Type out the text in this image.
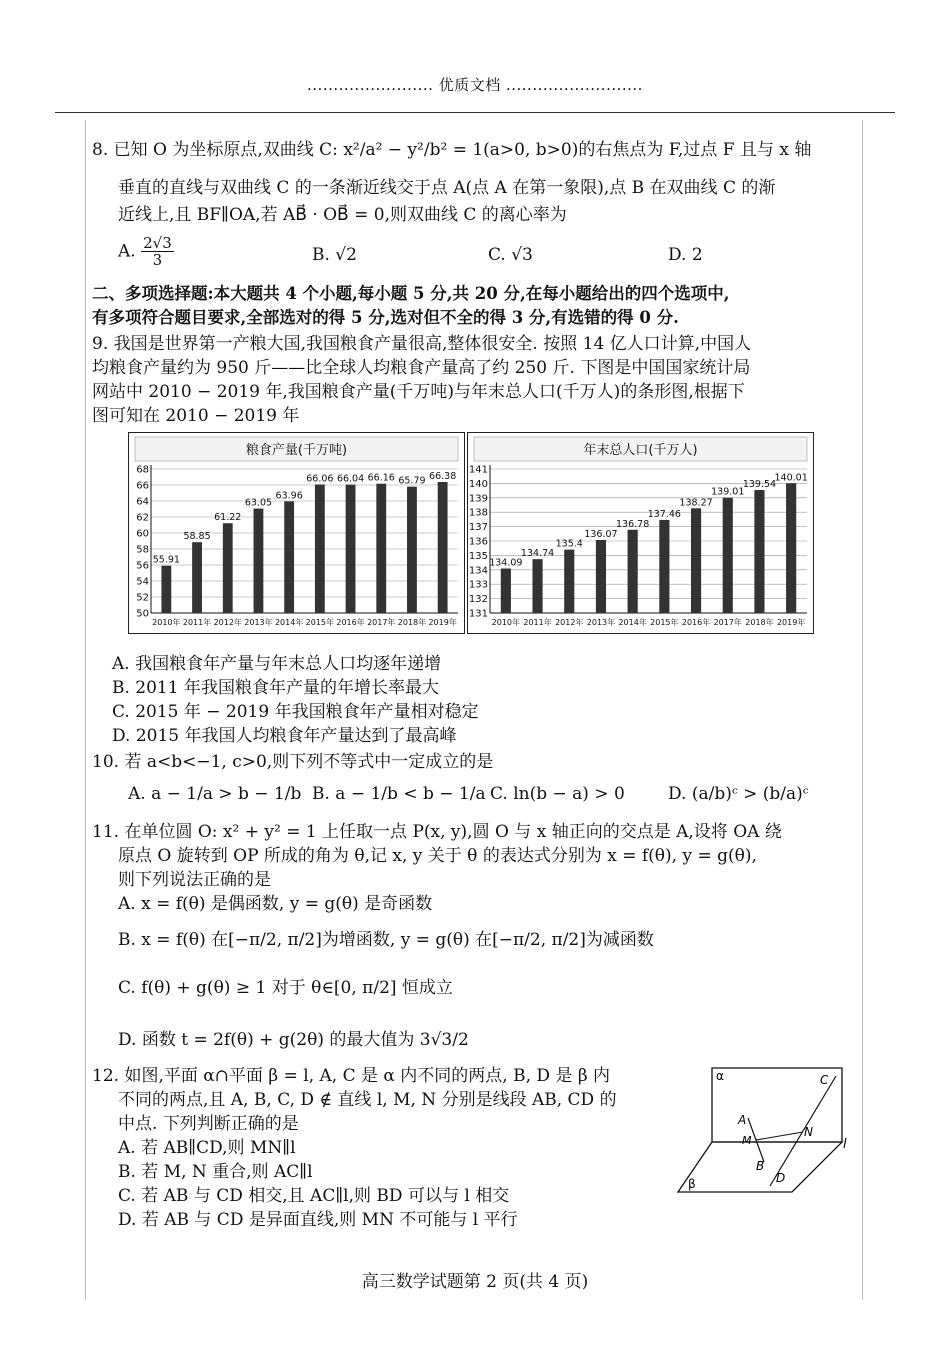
........................ 优质文档 ..........................
8. 已知 O 为坐标原点,双曲线 C: x²/a² − y²/b² = 1(a>0, b>0)的右焦点为 F,过点 F 且与 x 轴
垂直的直线与双曲线 C 的一条渐近线交于点 A(点 A 在第一象限),点 B 在双曲线 C 的渐
近线上,且 BF∥OA,若 AB⃗ · OB⃗ = 0,则双曲线 C 的离心率为
A. $\frac{2√3}{3}$	B. √2	C. √3	D. 2
二、多项选择题:本大题共 4 个小题,每小题 5 分,共 20 分,在每小题给出的四个选项中,
有多项符合题目要求,全部选对的得 5 分,选对但不全的得 3 分,有选错的得 0 分.
9. 我国是世界第一产粮大国,我国粮食产量很高,整体很安全. 按照 14 亿人口计算,中国人
均粮食产量约为 950 斤——比全球人均粮食产量高了约 250 斤. 下图是中国国家统计局
网站中 2010 − 2019 年,我国粮食产量(千万吨)与年末总人口(千万人)的条形图,根据下
图可知在 2010 − 2019 年
粮食产量(千万吨)
50
52
54
56
58
60
62
64
66
68
55.91
2010年
58.85
2011年
61.22
2012年
63.05
2013年
63.96
2014年
66.06
2015年
66.04
2016年
66.16
2017年
65.79
2018年
66.38
2019年
年末总人口(千万人)
131
132
133
134
135
136
137
138
139
140
141
134.09
2010年
134.74
2011年
135.4
2012年
136.07
2013年
136.78
2014年
137.46
2015年
138.27
2016年
139.01
2017年
139.54
2018年
140.01
2019年
A. 我国粮食年产量与年末总人口均逐年递增
B. 2011 年我国粮食年产量的年增长率最大
C. 2015 年 − 2019 年我国粮食年产量相对稳定
D. 2015 年我国人均粮食年产量达到了最高峰
10. 若 a<b<−1, c>0,则下列不等式中一定成立的是
A. a − 1/a > b − 1/b B. a − 1/b < b − 1/a C. ln(b − a) > 0	D. (a/b)ᶜ > (b/a)ᶜ
11. 在单位圆 O: x² + y² = 1 上任取一点 P(x, y),圆 O 与 x 轴正向的交点是 A,设将 OA 绕
原点 O 旋转到 OP 所成的角为 θ,记 x, y 关于 θ 的表达式分别为 x = f(θ), y = g(θ),
则下列说法正确的是
A. x = f(θ) 是偶函数, y = g(θ) 是奇函数
B. x = f(θ) 在[−π/2, π/2]为增函数, y = g(θ) 在[−π/2, π/2]为减函数
C. f(θ) + g(θ) ≥ 1 对于 θ∈[0, π/2] 恒成立
D. 函数 t = 2f(θ) + g(2θ) 的最大值为 3√3/2
12. 如图,平面 α∩平面 β = l, A, C 是 α 内不同的两点, B, D 是 β 内
不同的两点,且 A, B, C, D ∉ 直线 l, M, N 分别是线段 AB, CD 的
中点. 下列判断正确的是
A. 若 AB∥CD,则 MN∥l
B. 若 M, N 重合,则 AC∥l
C. 若 AB 与 CD 相交,且 AC∥l,则 BD 可以与 l 相交
D. 若 AB 与 CD 是异面直线,则 MN 不可能与 l 平行
α
β
l
C
A
M
N
B
D
高三数学试题第 2 页(共 4 页)
